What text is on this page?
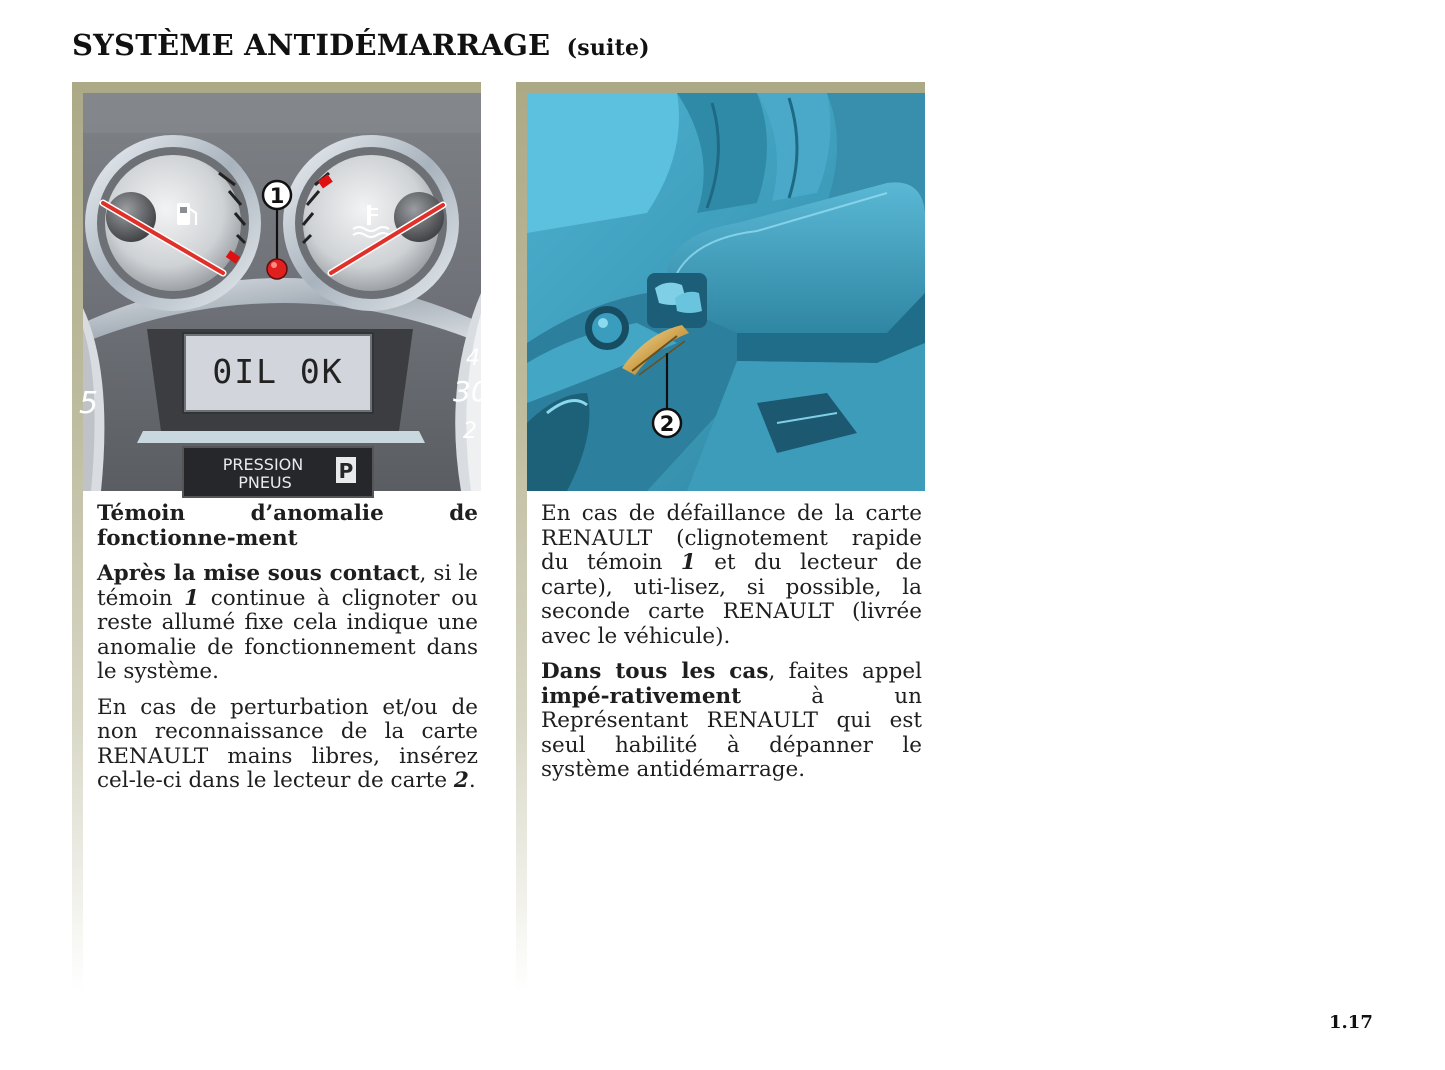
SYSTÈME ANTIDÉMARRAGE (suite)
5
4
30
2
1
0IL 0K
PRESSION
PNEUS P

Témoin d’anomalie de fonctionne-ment

Après la mise sous contact, si le témoin 1 continue à clignoter ou reste allumé fixe cela indique une anomalie de fonctionnement dans le système.

En cas de perturbation et/ou de non reconnaissance de la carte RENAULT mains libres, insérez cel-le-ci dans le lecteur de carte 2.

2

En cas de défaillance de la carte RENAULT (clignotement rapide du témoin 1 et du lecteur de carte), uti-lisez, si possible, la seconde carte RENAULT (livrée avec le véhicule).

Dans tous les cas, faites appel impé-rativement à un Représentant RENAULT qui est seul habilité à dépanner le système antidémarrage.

1.17
